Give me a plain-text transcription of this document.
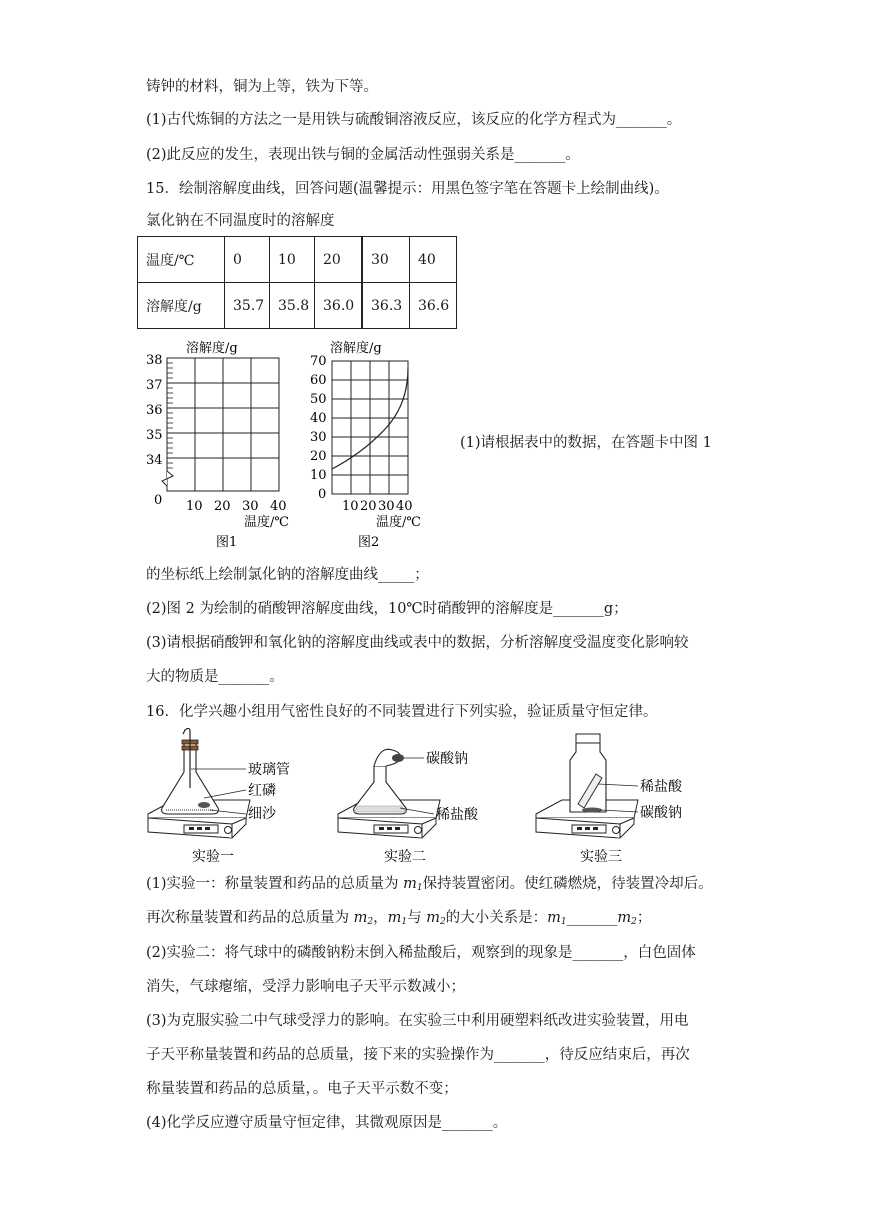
铸钟的材料，铜为上等，铁为下等。
(1)古代炼铜的方法之一是用铁与硫酸铜溶液反应，该反应的化学方程式为_______。
(2)此反应的发生，表现出铁与铜的金属活动性强弱关系是_______。
15．绘制溶解度曲线，回答问题(温馨提示：用黑色签字笔在答题卡上绘制曲线)。
氯化钠在不同温度时的溶解度
温度/℃	0	10	20	30	40
溶解度/g	35.7	35.8	36.0	36.3	36.6
溶解度/g
38
37
36
35
34
0 10 20 30 40
温度/℃
图1
溶解度/g
70
60
50
40
30
20
10
0
10 20 30 40
温度/℃
图2
(1)请根据表中的数据，在答题卡中图 1
的坐标纸上绘制氯化钠的溶解度曲线_____；
(2)图 2 为绘制的硝酸钾溶解度曲线，10℃时硝酸钾的溶解度是_______g；
(3)请根据硝酸钾和氧化钠的溶解度曲线或表中的数据，分析溶解度受温度变化影响较
大的物质是_______。
16．化学兴趣小组用气密性良好的不同装置进行下列实验，验证质量守恒定律。
玻璃管
红磷
细沙
实验一
碳酸钠
稀盐酸
实验二
稀盐酸
碳酸钠
实验三
(1)实验一：称量装置和药品的总质量为 $m_1$保持装置密闭。使红磷燃烧，待装置冷却后。
再次称量装置和药品的总质量为 $m_2$，$m_1$与 $m_2$的大小关系是：$m_1\_\_\_\_\_\_\_m_2$；
(2)实验二：将气球中的磷酸钠粉末倒入稀盐酸后，观察到的现象是_______，白色固体
消失，气球瘪缩，受浮力影响电子天平示数减小；
(3)为克服实验二中气球受浮力的影响。在实验三中利用硬塑料纸改进实验装置，用电
子天平称量装置和药品的总质量，接下来的实验操作为_______，待反应结束后，再次
称量装置和药品的总质量，。电子天平示数不变；
(4)化学反应遵守质量守恒定律，其微观原因是_______。
